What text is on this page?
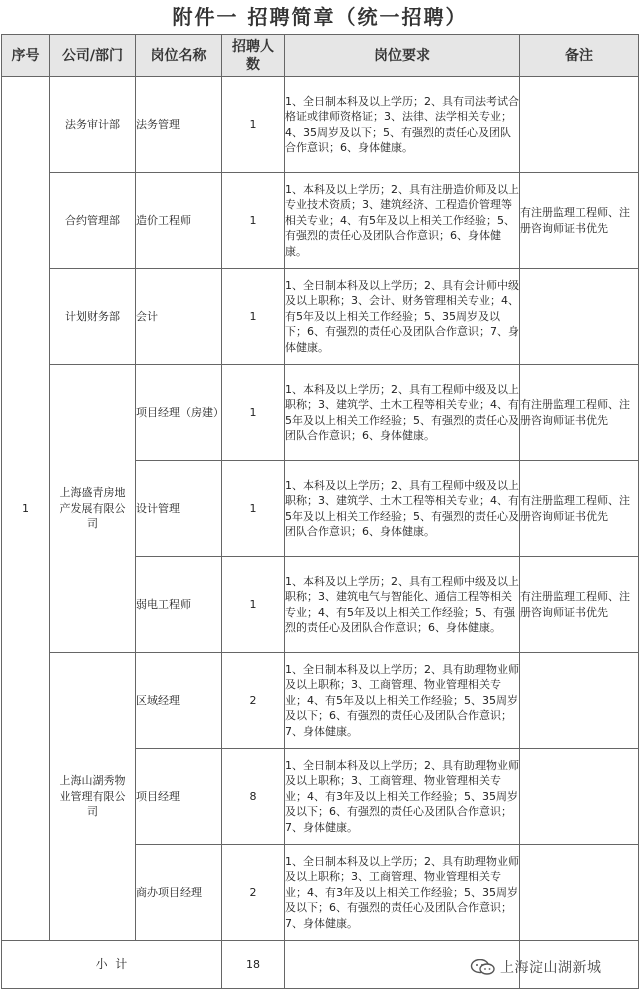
附件一 招聘简章（统一招聘）
序号	公司/部门	岗位名称	招聘人数	岗位要求	备注
1	法务审计部	法务管理	1	1、全日制本科及以上学历；2、具有司法考试合格证或律师资格证；3、法律、法学相关专业；4、35周岁及以下；5、有强烈的责任心及团队合作意识；6、身体健康。	
	合约管理部	造价工程师	1	1、本科及以上学历；2、具有注册造价师及以上专业技术资质；3、建筑经济、工程造价管理等相关专业；4、有5年及以上相关工作经验；5、有强烈的责任心及团队合作意识；6、身体健康。	有注册监理工程师、注册咨询师证书优先
	计划财务部	会计	1	1、全日制本科及以上学历；2、具有会计师中级及以上职称；3、会计、财务管理相关专业；4、有5年及以上相关工作经验；5、35周岁及以下；6、有强烈的责任心及团队合作意识；7、身体健康。	
	上海盛青房地产发展有限公司	项目经理（房建）	1	1、本科及以上学历；2、具有工程师中级及以上职称；3、建筑学、土木工程等相关专业；4、有5年及以上相关工作经验；5、有强烈的责任心及团队合作意识；6、身体健康。	有注册监理工程师、注册咨询师证书优先
		设计管理	1	1、本科及以上学历；2、具有工程师中级及以上职称；3、建筑学、土木工程等相关专业；4、有5年及以上相关工作经验；5、有强烈的责任心及团队合作意识；6、身体健康。	有注册监理工程师、注册咨询师证书优先
		弱电工程师	1	1、本科及以上学历；2、具有工程师中级及以上职称；3、建筑电气与智能化、通信工程等相关专业；4、有5年及以上相关工作经验；5、有强烈的责任心及团队合作意识；6、身体健康。	有注册监理工程师、注册咨询师证书优先
	上海山湖秀物业管理有限公司	区域经理	2	1、全日制本科及以上学历；2、具有助理物业师及以上职称；3、工商管理、物业管理相关专业；4、有5年及以上相关工作经验；5、35周岁及以下；6、有强烈的责任心及团队合作意识；7、身体健康。	
		项目经理	8	1、全日制本科及以上学历；2、具有助理物业师及以上职称；3、工商管理、物业管理相关专业；4、有3年及以上相关工作经验；5、35周岁及以下；6、有强烈的责任心及团队合作意识；7、身体健康。	
		商办项目经理	2	1、全日制本科及以上学历；2、具有助理物业师及以上职称；3、工商管理、物业管理相关专业；4、有3年及以上相关工作经验；5、35周岁及以下；6、有强烈的责任心及团队合作意识；7、身体健康。	
小  计			18			上海淀山湖新城
